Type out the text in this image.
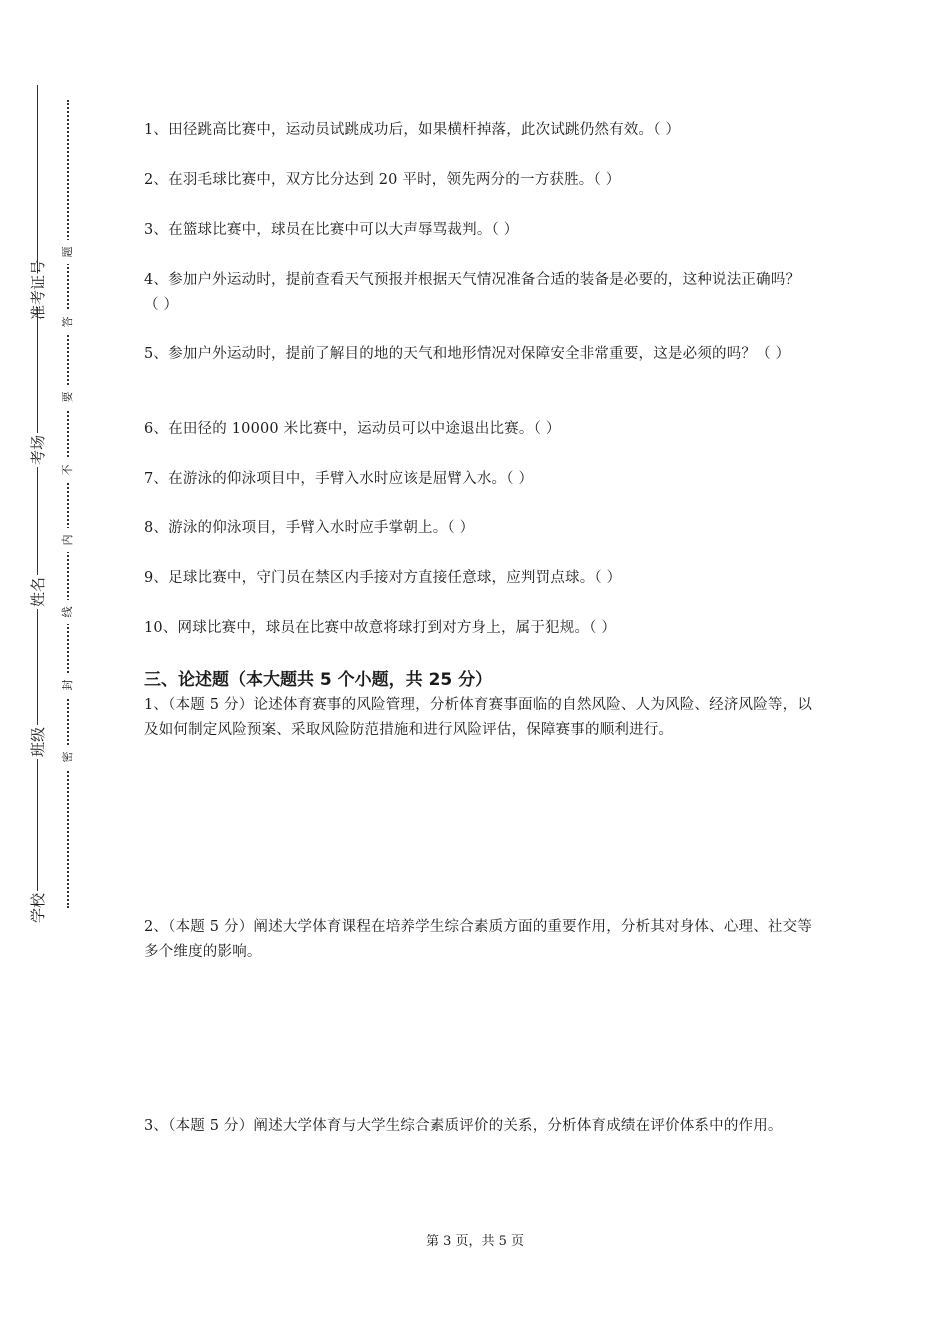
准考证号
考场
姓名
班级
学校
题
答
要
不
内
线
封
密
1、田径跳高比赛中，运动员试跳成功后，如果横杆掉落，此次试跳仍然有效。（ ）
2、在羽毛球比赛中，双方比分达到 20 平时，领先两分的一方获胜。（ ）
3、在篮球比赛中，球员在比赛中可以大声辱骂裁判。（ ）
4、参加户外运动时，提前查看天气预报并根据天气情况准备合适的装备是必要的，这种说法正确吗？（ ）
5、参加户外运动时，提前了解目的地的天气和地形情况对保障安全非常重要，这是必须的吗？（ ）
6、在田径的 10000 米比赛中，运动员可以中途退出比赛。（ ）
7、在游泳的仰泳项目中，手臂入水时应该是屈臂入水。（ ）
8、游泳的仰泳项目，手臂入水时应手掌朝上。（ ）
9、足球比赛中，守门员在禁区内手接对方直接任意球，应判罚点球。（ ）
10、网球比赛中，球员在比赛中故意将球打到对方身上，属于犯规。（ ）
三、论述题（本大题共 5 个小题，共 25 分）
1、（本题 5 分）论述体育赛事的风险管理，分析体育赛事面临的自然风险、人为风险、经济风险等，以及如何制定风险预案、采取风险防范措施和进行风险评估，保障赛事的顺利进行。
2、（本题 5 分）阐述大学体育课程在培养学生综合素质方面的重要作用，分析其对身体、心理、社交等多个维度的影响。
3、（本题 5 分）阐述大学体育与大学生综合素质评价的关系，分析体育成绩在评价体系中的作用。
第 3 页，共 5 页
